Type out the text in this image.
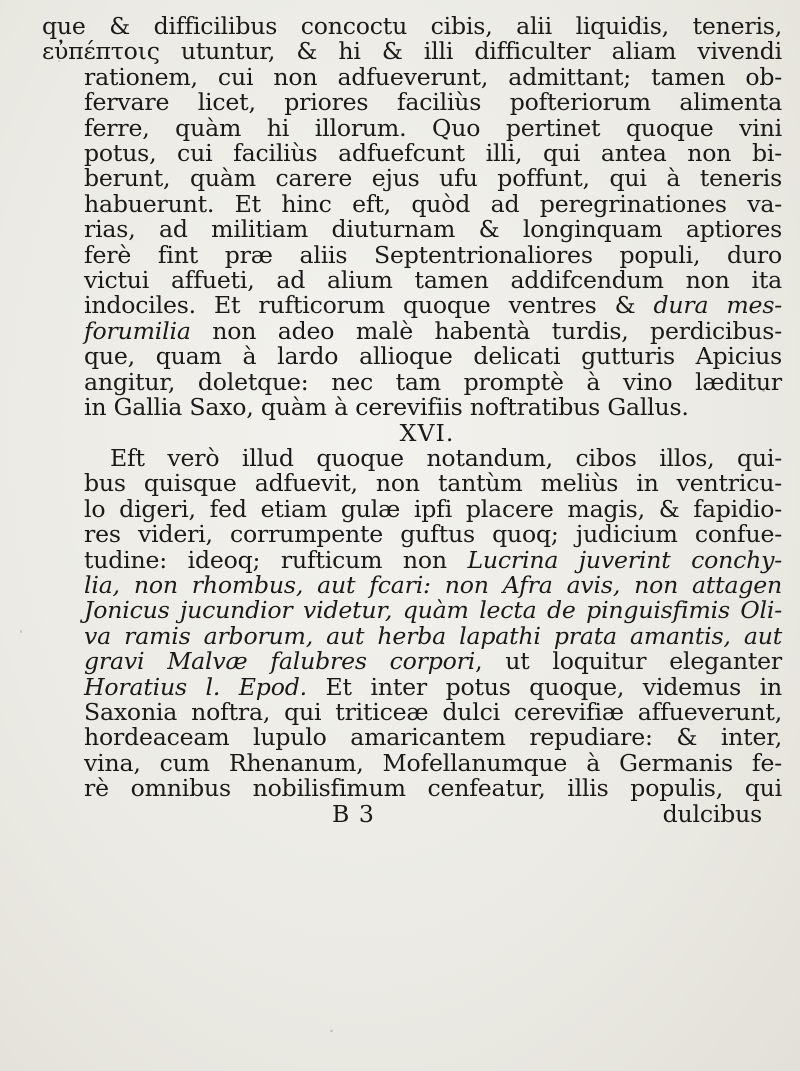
que & difficilibus concoctu cibis, alii liquidis, teneris,
εὐπέπτοις utuntur, & hi & illi difficulter aliam vivendi
rationem, cui non adfueverunt, admittant; tamen ob-
fervare licet, priores faciliùs pofteriorum alimenta
ferre, quàm hi illorum. Quo pertinet quoque vini
potus, cui faciliùs adfuefcunt illi, qui antea non bi-
berunt, quàm carere ejus ufu poffunt, qui à teneris
habuerunt. Et hinc eft, quòd ad peregrinationes va-
rias, ad militiam diuturnam & longinquam aptiores
ferè fint præ aliis Septentrionaliores populi, duro
victui affueti, ad alium tamen addifcendum non ita
indociles. Et rufticorum quoque ventres & dura mes-
forumilia non adeo malè habentà turdis, perdicibus-
que, quam à lardo allioque delicati gutturis Apicius
angitur, doletque: nec tam promptè à vino læditur
in Gallia Saxo, quàm à cerevifiis noftratibus Gallus.
XVI.
Eft verò illud quoque notandum, cibos illos, qui-
bus quisque adfuevit, non tantùm meliùs in ventricu-
lo digeri, fed etiam gulæ ipfi placere magis, & fapidio-
res videri, corrumpente guftus quoq; judicium confue-
tudine: ideoq; rufticum non Lucrina juverint conchy-
lia, non rhombus, aut fcari: non Afra avis, non attagen
Jonicus jucundior videtur, quàm lecta de pinguisfimis Oli-
va ramis arborum, aut herba lapathi prata amantis, aut
gravi Malvæ falubres corpori, ut loquitur eleganter
Horatius l. Epod. Et inter potus quoque, videmus in
Saxonia noftra, qui triticeæ dulci cerevifiæ affueverunt,
hordeaceam lupulo amaricantem repudiare: & inter,
vina, cum Rhenanum, Mofellanumque à Germanis fe-
rè omnibus nobilisfimum cenfeatur, illis populis, qui
B 3	dulcibus
